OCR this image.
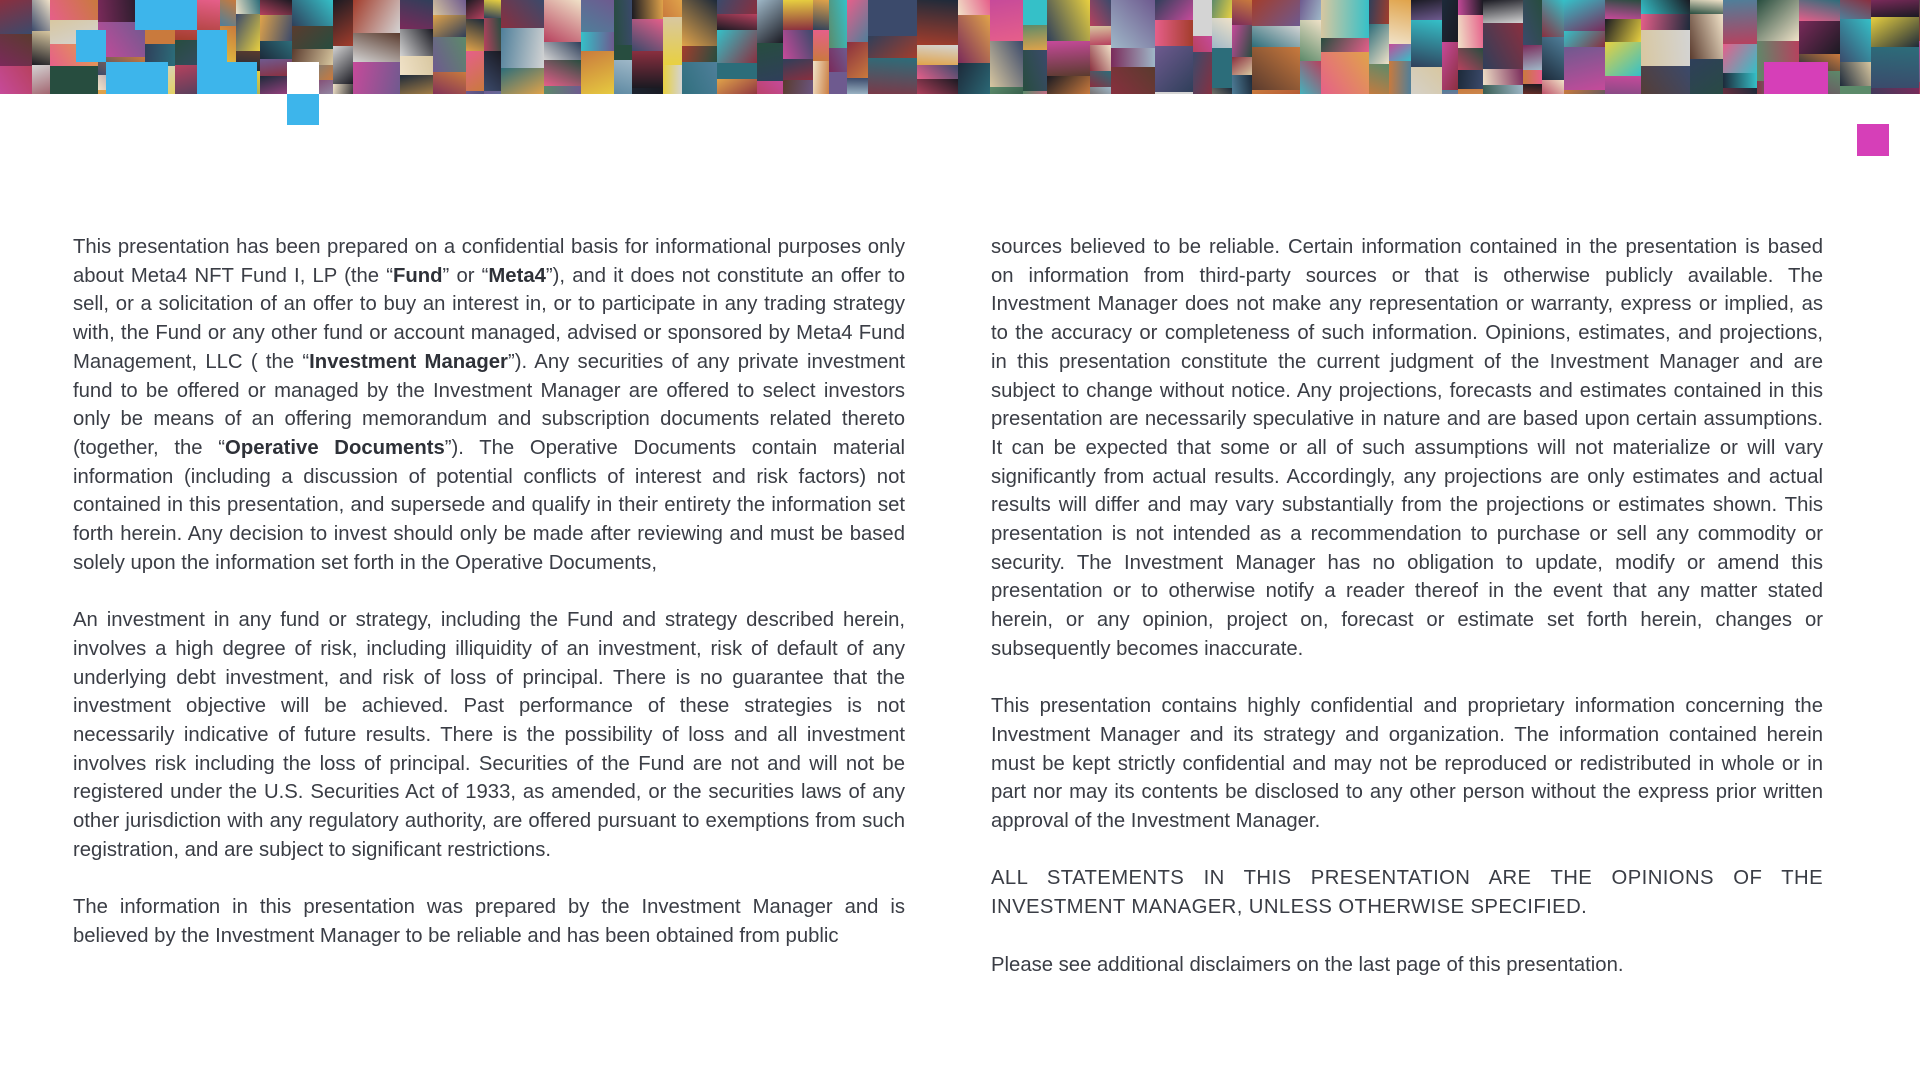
This presentation has been prepared on a confidential basis for informational purposes only about Meta4 NFT Fund I, LP (the “Fund” or “Meta4”), and it does not constitute an offer to sell, or a solicitation of an offer to buy an interest in, or to participate in any trading strategy with, the Fund or any other fund or account managed, advised or sponsored by Meta4 Fund Management, LLC ( the “Investment Manager”). Any securities of any private investment fund to be offered or managed by the Investment Manager are offered to select investors only be means of an offering memorandum and subscription documents related thereto (together, the “Operative Documents”). The Operative Documents contain material information (including a discussion of potential conflicts of interest and risk factors) not contained in this presentation, and supersede and qualify in their entirety the information set forth herein. Any decision to invest should only be made after reviewing and must be based solely upon the information set forth in the Operative Documents,

An investment in any fund or strategy, including the Fund and strategy described herein, involves a high degree of risk, including illiquidity of an investment, risk of default of any underlying debt investment, and risk of loss of principal. There is no guarantee that the investment objective will be achieved. Past performance of these strategies is not necessarily indicative of future results. There is the possibility of loss and all investment involves risk including the loss of principal. Securities of the Fund are not and will not be registered under the U.S. Securities Act of 1933, as amended, or the securities laws of any other jurisdiction with any regulatory authority, are offered pursuant to exemptions from such registration, and are subject to significant restrictions.

The information in this presentation was prepared by the Investment Manager and is believed by the Investment Manager to be reliable and has been obtained from public

sources believed to be reliable. Certain information contained in the presentation is based on information from third-party sources or that is otherwise publicly available. The Investment Manager does not make any representation or warranty, express or implied, as to the accuracy or completeness of such information. Opinions, estimates, and projections, in this presentation constitute the current judgment of the Investment Manager and are subject to change without notice. Any projections, forecasts and estimates contained in this presentation are necessarily speculative in nature and are based upon certain assumptions. It can be expected that some or all of such assumptions will not materialize or will vary significantly from actual results. Accordingly, any projections are only estimates and actual results will differ and may vary substantially from the projections or estimates shown. This presentation is not intended as a recommendation to purchase or sell any commodity or security. The Investment Manager has no obligation to update, modify or amend this presentation or to otherwise notify a reader thereof in the event that any matter stated herein, or any opinion, project on, forecast or estimate set forth herein, changes or subsequently becomes inaccurate.

This presentation contains highly confidential and proprietary information concerning the Investment Manager and its strategy and organization. The information contained herein must be kept strictly confidential and may not be reproduced or redistributed in whole or in part nor may its contents be disclosed to any other person without the express prior written approval of the Investment Manager.

ALL STATEMENTS IN THIS PRESENTATION ARE THE OPINIONS OF THE INVESTMENT MANAGER, UNLESS OTHERWISE SPECIFIED.

Please see additional disclaimers on the last page of this presentation.
